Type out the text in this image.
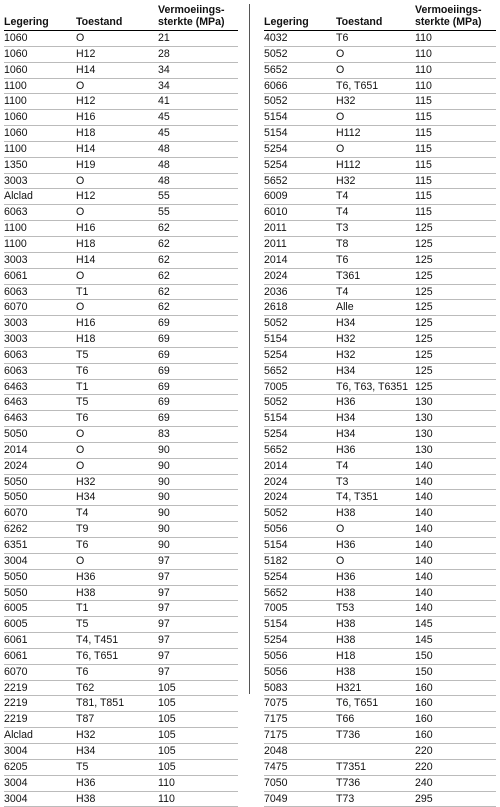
Legering	Toestand	Vermoeiings-
sterkte (MPa)
1060	O	21
1060	H12	28
1060	H14	34
1100	O	34
1100	H12	41
1060	H16	45
1060	H18	45
1100	H14	48
1350	H19	48
3003	O	48
Alclad	H12	55
6063	O	55
1100	H16	62
1100	H18	62
3003	H14	62
6061	O	62
6063	T1	62
6070	O	62
3003	H16	69
3003	H18	69
6063	T5	69
6063	T6	69
6463	T1	69
6463	T5	69
6463	T6	69
5050	O	83
2014	O	90
2024	O	90
5050	H32	90
5050	H34	90
6070	T4	90
6262	T9	90
6351	T6	90
3004	O	97
5050	H36	97
5050	H38	97
6005	T1	97
6005	T5	97
6061	T4, T451	97
6061	T6, T651	97
6070	T6	97
2219	T62	105
2219	T81, T851	105
2219	T87	105
Alclad	H32	105
3004	H34	105
6205	T5	105
3004	H36	110
3004	H38	110
Legering	Toestand	Vermoeiings-
sterkte (MPa)
4032	T6	110
5052	O	110
5652	O	110
6066	T6, T651	110
5052	H32	115
5154	O	115
5154	H112	115
5254	O	115
5254	H112	115
5652	H32	115
6009	T4	115
6010	T4	115
2011	T3	125
2011	T8	125
2014	T6	125
2024	T361	125
2036	T4	125
2618	Alle	125
5052	H34	125
5154	H32	125
5254	H32	125
5652	H34	125
7005	T6, T63, T6351	125
5052	H36	130
5154	H34	130
5254	H34	130
5652	H36	130
2014	T4	140
2024	T3	140
2024	T4, T351	140
5052	H38	140
5056	O	140
5154	H36	140
5182	O	140
5254	H36	140
5652	H38	140
7005	T53	140
5154	H38	145
5254	H38	145
5056	H18	150
5056	H38	150
5083	H321	160
7075	T6, T651	160
7175	T66	160
7175	T736	160
2048		220
7475	T7351	220
7050	T736	240
7049	T73	295
